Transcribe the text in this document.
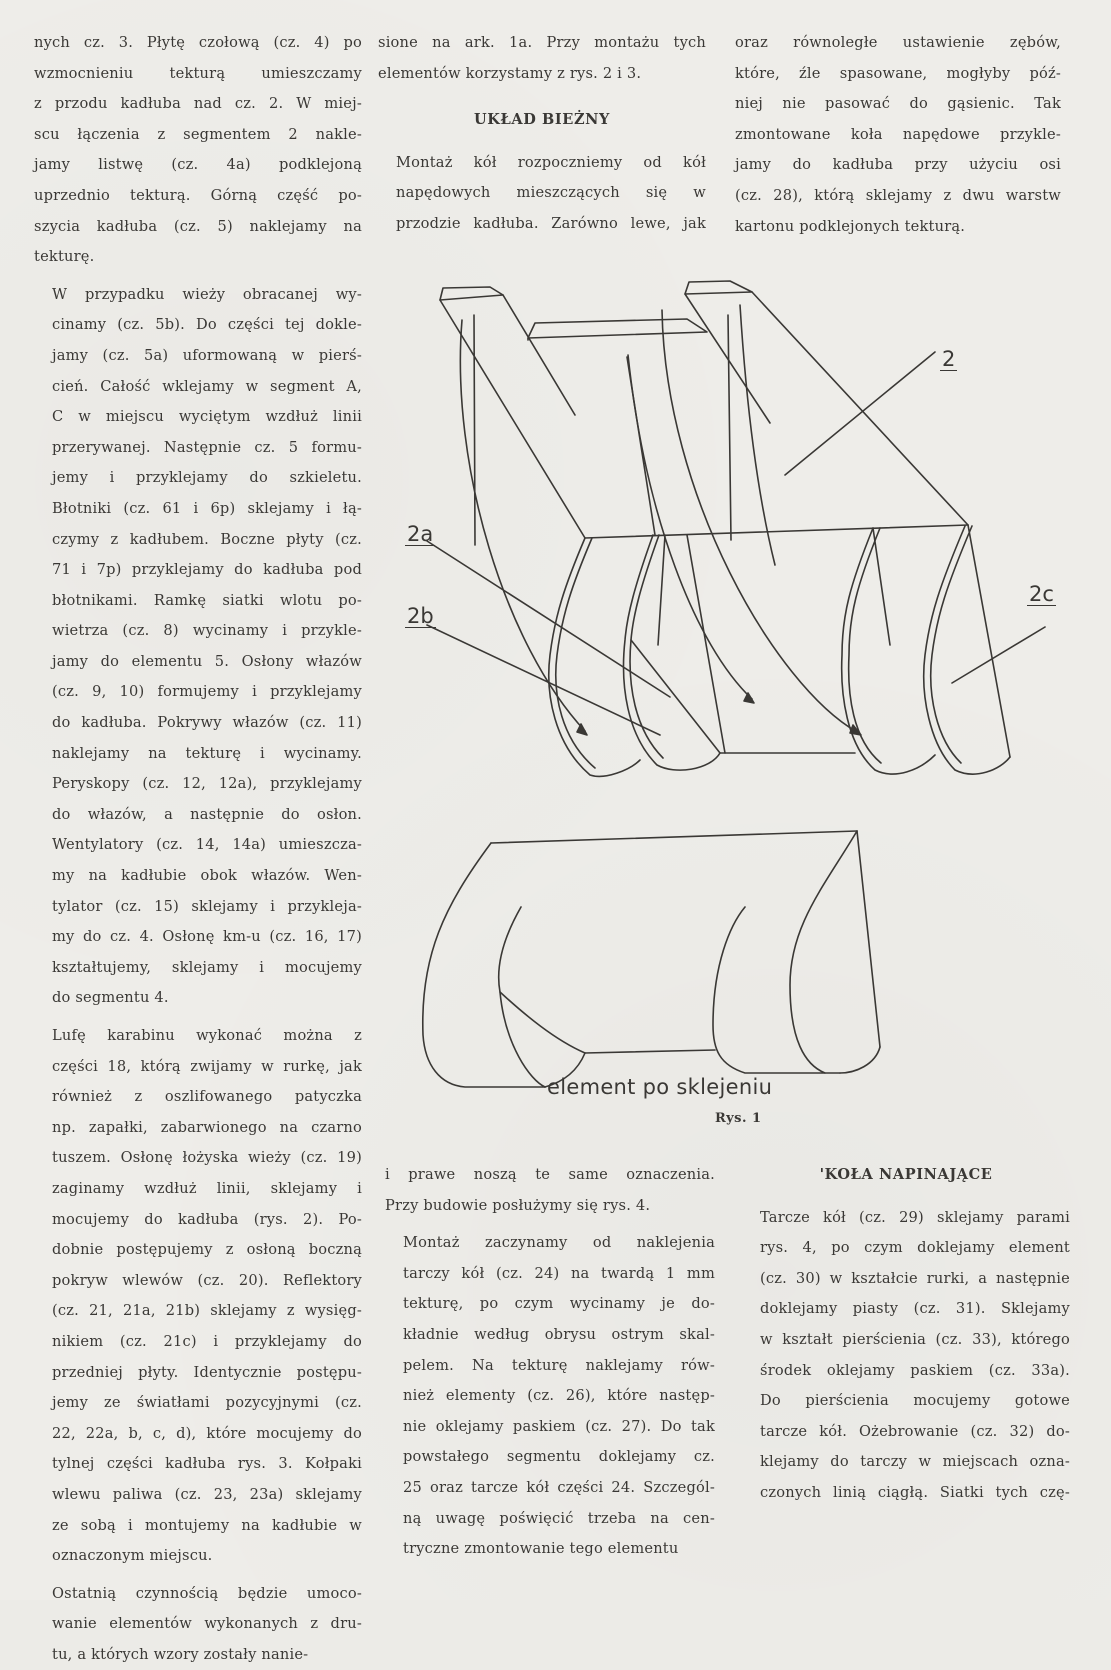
nych cz. 3. Płytę czołową (cz. 4) po
wzmocnieniu tekturą umieszczamy
z przodu kadłuba nad cz. 2. W miej-
scu łączenia z segmentem 2 nakle-
jamy listwę (cz. 4a) podklejoną
uprzednio tekturą. Górną część po-
szycia kadłuba (cz. 5) naklejamy na
tekturę.

W przypadku wieży obracanej wy-
cinamy (cz. 5b). Do części tej dokle-
jamy (cz. 5a) uformowaną w pierś-
cień. Całość wklejamy w segment A,
C w miejscu wyciętym wzdłuż linii
przerywanej. Następnie cz. 5 formu-
jemy i przyklejamy do szkieletu.
Błotniki (cz. 61 i 6p) sklejamy i łą-
czymy z kadłubem. Boczne płyty (cz.
71 i 7p) przyklejamy do kadłuba pod
błotnikami. Ramkę siatki wlotu po-
wietrza (cz. 8) wycinamy i przykle-
jamy do elementu 5. Osłony włazów
(cz. 9, 10) formujemy i przyklejamy
do kadłuba. Pokrywy włazów (cz. 11)
naklejamy na tekturę i wycinamy.
Peryskopy (cz. 12, 12a), przyklejamy
do włazów, a następnie do osłon.
Wentylatory (cz. 14, 14a) umieszcza-
my na kadłubie obok włazów. Wen-
tylator (cz. 15) sklejamy i przykleja-
my do cz. 4. Osłonę km-u (cz. 16, 17)
kształtujemy, sklejamy i mocujemy
do segmentu 4.

Lufę karabinu wykonać można z
części 18, którą zwijamy w rurkę, jak
również z oszlifowanego patyczka
np. zapałki, zabarwionego na czarno
tuszem. Osłonę łożyska wieży (cz. 19)
zaginamy wzdłuż linii, sklejamy i
mocujemy do kadłuba (rys. 2). Po-
dobnie postępujemy z osłoną boczną
pokryw wlewów (cz. 20). Reflektory
(cz. 21, 21a, 21b) sklejamy z wysięg-
nikiem (cz. 21c) i przyklejamy do
przedniej płyty. Identycznie postępu-
jemy ze światłami pozycyjnymi (cz.
22, 22a, b, c, d), które mocujemy do
tylnej części kadłuba rys. 3. Kołpaki
wlewu paliwa (cz. 23, 23a) sklejamy
ze sobą i montujemy na kadłubie w
oznaczonym miejscu.

Ostatnią czynnością będzie umoco-
wanie elementów wykonanych z dru-
tu, a których wzory zostały nanie-

sione na ark. 1a. Przy montażu tych
elementów korzystamy z rys. 2 i 3.

UKŁAD BIEŻNY

Montaż kół rozpoczniemy od kół
napędowych mieszczących się w
przodzie kadłuba. Zarówno lewe, jak

oraz równoległe ustawienie zębów,
które, źle spasowane, mogłyby póź-
niej nie pasować do gąsienic. Tak
zmontowane koła napędowe przykle-
jamy do kadłuba przy użyciu osi
(cz. 28), którą sklejamy z dwu warstw
kartonu podklejonych tekturą.

2
2a
2b
2c
element po sklejeniu
Rys. 1

i prawe noszą te same oznaczenia.
Przy budowie posłużymy się rys. 4.

Montaż zaczynamy od naklejenia
tarczy kół (cz. 24) na twardą 1 mm
tekturę, po czym wycinamy je do-
kładnie według obrysu ostrym skal-
pelem. Na tekturę naklejamy rów-
nież elementy (cz. 26), które następ-
nie oklejamy paskiem (cz. 27). Do tak
powstałego segmentu doklejamy cz.
25 oraz tarcze kół części 24. Szczegól-
ną uwagę poświęcić trzeba na cen-
tryczne zmontowanie tego elementu

'KOŁA NAPINAJĄCE

Tarcze kół (cz. 29) sklejamy parami
rys. 4, po czym doklejamy element
(cz. 30) w kształcie rurki, a następnie
doklejamy piasty (cz. 31). Sklejamy
w kształt pierścienia (cz. 33), którego
środek oklejamy paskiem (cz. 33a).
Do pierścienia mocujemy gotowe
tarcze kół. Ożebrowanie (cz. 32) do-
klejamy do tarczy w miejscach ozna-
czonych linią ciągłą. Siatki tych czę-
